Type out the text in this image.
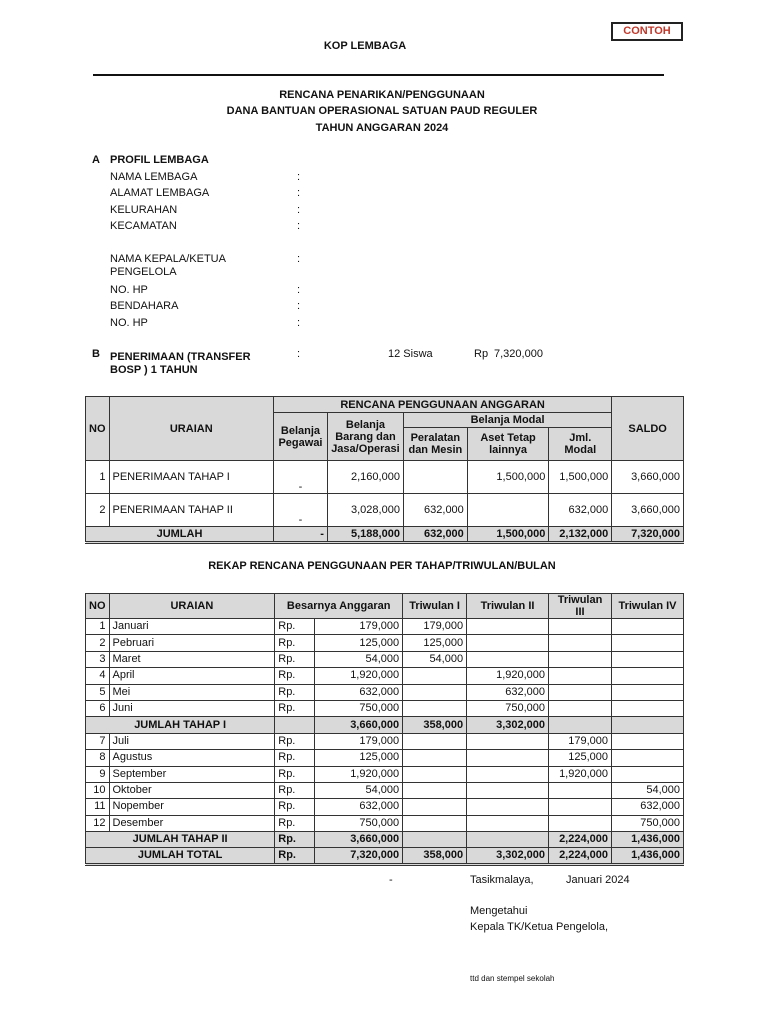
CONTOH
KOP LEMBAGA
RENCANA PENARIKAN/PENGGUNAAN
DANA BANTUAN OPERASIONAL SATUAN PAUD REGULER
TAHUN ANGGARAN 2024
A PROFIL LEMBAGA
NAMA LEMBAGA	:
ALAMAT LEMBAGA	:
KELURAHAN	:
KECAMATAN	:
NAMA KEPALA/KETUA PENGELOLA
:
NO. HP	:
BENDAHARA	:
NO. HP	:
B PENERIMAAN (TRANSFER BOSP ) 1 TAHUN
:	12 Siswa	Rp 7,320,000
NO	URAIAN	RENCANA PENGGUNAAN ANGGARAN					SALDO
		Belanja Pegawai	Belanja Barang dan Jasa/Operasi	Belanja Modal			
				Peralatan dan Mesin	Aset Tetap lainnya	Jml. Modal	
1	PENERIMAAN TAHAP I	-	2,160,000		1,500,000	1,500,000	3,660,000
2	PENERIMAAN TAHAP II	-	3,028,000	632,000		632,000	3,660,000
JUMLAH		-	5,188,000	632,000	1,500,000	2,132,000	7,320,000
REKAP RENCANA PENGGUNAAN PER TAHAP/TRIWULAN/BULAN
NO	URAIAN	Besarnya Anggaran		Triwulan I	Triwulan II	Triwulan III	Triwulan IV
1	Januari	Rp.	179,000	179,000			
2	Pebruari	Rp.	125,000	125,000			
3	Maret	Rp.	54,000	54,000			
4	April	Rp.	1,920,000		1,920,000		
5	Mei	Rp.	632,000		632,000		
6	Juni	Rp.	750,000		750,000		
JUMLAH TAHAP I			3,660,000	358,000	3,302,000		
7	Juli	Rp.	179,000			179,000	
8	Agustus	Rp.	125,000			125,000	
9	September	Rp.	1,920,000			1,920,000	
10	Oktober	Rp.	54,000				54,000
11	Nopember	Rp.	632,000				632,000
12	Desember	Rp.	750,000				750,000
JUMLAH TAHAP II		Rp.	3,660,000			2,224,000	1,436,000
JUMLAH TOTAL		Rp.	7,320,000	358,000	3,302,000	2,224,000	1,436,000
-	Tasikmalaya,	Januari 2024
Mengetahui
Kepala TK/Ketua Pengelola,
ttd dan stempel sekolah
